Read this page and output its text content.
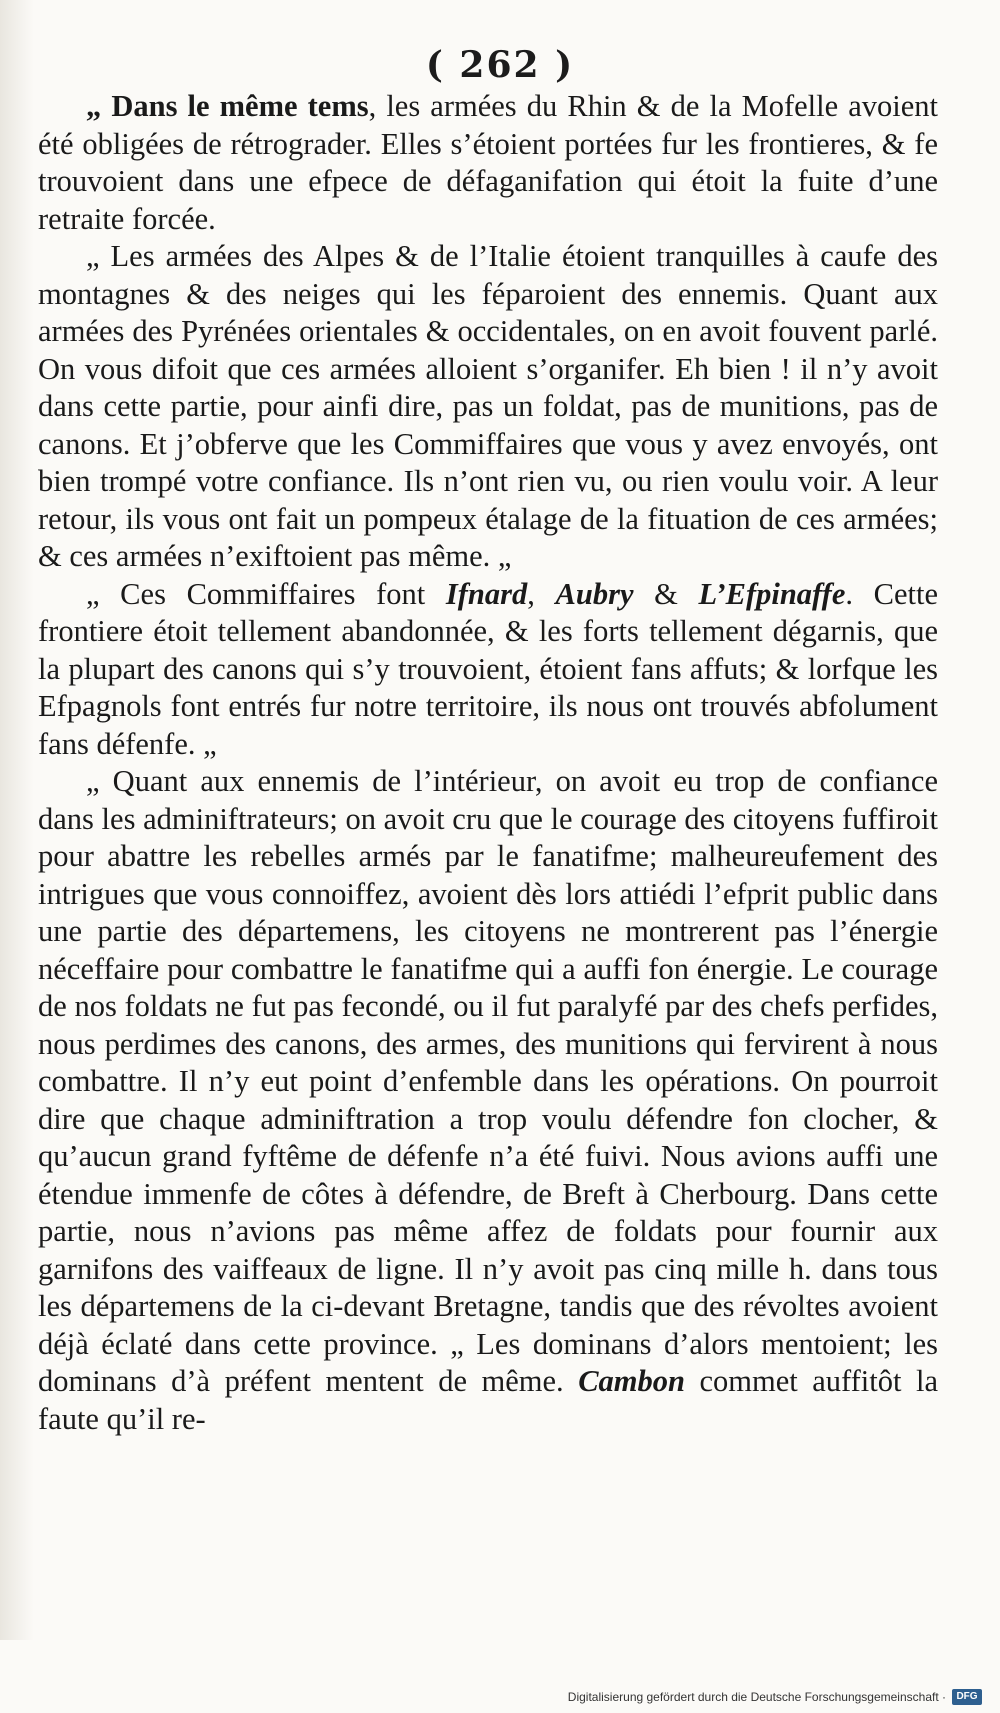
( 262 )

„ Dans le même tems, les armées du Rhin & de la Mofelle avoient été obligées de rétrograder. Elles s’étoient portées fur les frontieres, & fe trouvoient dans une efpece de défaganifation qui étoit la fuite d’une retraite forcée.

„ Les armées des Alpes & de l’Italie étoient tranquilles à caufe des montagnes & des neiges qui les féparoient des ennemis. Quant aux armées des Pyrénées orientales & occidentales, on en avoit fouvent parlé. On vous difoit que ces armées alloient s’organifer. Eh bien ! il n’y avoit dans cette partie, pour ainfi dire, pas un foldat, pas de munitions, pas de canons. Et j’obferve que les Commiffaires que vous y avez envoyés, ont bien trompé votre confiance. Ils n’ont rien vu, ou rien voulu voir. A leur retour, ils vous ont fait un pompeux étalage de la fituation de ces armées; & ces armées n’exiftoient pas même. „

„ Ces Commiffaires font Ifnard, Aubry & L’Efpinaffe. Cette frontiere étoit tellement abandonnée, & les forts tellement dégarnis, que la plupart des canons qui s’y trouvoient, étoient fans affuts; & lorfque les Efpagnols font entrés fur notre territoire, ils nous ont trouvés abfolument fans défenfe. „

„ Quant aux ennemis de l’intérieur, on avoit eu trop de confiance dans les adminiftrateurs; on avoit cru que le courage des citoyens fuffiroit pour abattre les rebelles armés par le fanatifme; malheureufement des intrigues que vous connoiffez, avoient dès lors attiédi l’efprit public dans une partie des départemens, les citoyens ne montrerent pas l’énergie néceffaire pour combattre le fanatifme qui a auffi fon énergie. Le courage de nos foldats ne fut pas fecondé, ou il fut paralyfé par des chefs perfides, nous perdimes des canons, des armes, des munitions qui fervirent à nous combattre. Il n’y eut point d’enfemble dans les opérations. On pourroit dire que chaque adminiftration a trop voulu défendre fon clocher, & qu’aucun grand fyftême de défenfe n’a été fuivi. Nous avions auffi une étendue immenfe de côtes à défendre, de Breft à Cherbourg. Dans cette partie, nous n’avions pas même affez de foldats pour fournir aux garnifons des vaiffeaux de ligne. Il n’y avoit pas cinq mille h. dans tous les départemens de la ci-devant Bretagne, tandis que des révoltes avoient déjà éclaté dans cette province. „ Les dominans d’alors mentoient; les dominans d’à préfent mentent de même. Cambon commet auffitôt la faute qu’il re-

Digitalisierung gefördert durch die Deutsche Forschungsgemeinschaft ·	DFG
